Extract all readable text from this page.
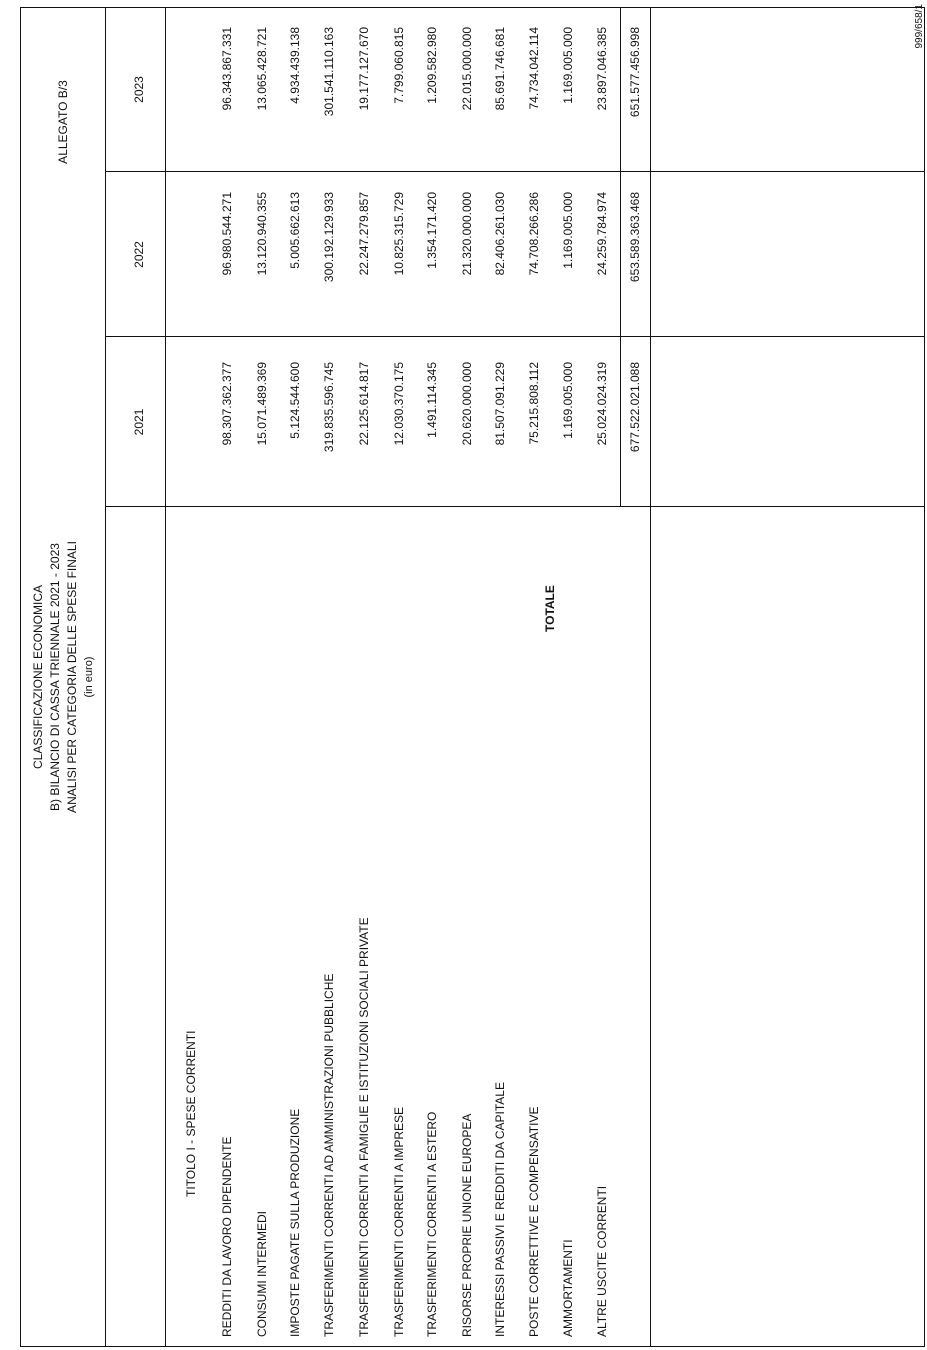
999/658/1
CLASSIFICAZIONE ECONOMICA B) BILANCIO DI CASSA TRIENNALE 2021 - 2023 ANALISI PER CATEGORIA DELLE SPESE FINALI (in euro)
ALLEGATO B/3
2021
2022
2023
TITOLO I - SPESE CORRENTI
REDDITI DA LAVORO DIPENDENTE
98.307.362.377
96.980.544.271
96.343.867.331
CONSUMI INTERMEDI
15.071.489.369
13.120.940.355
13.065.428.721
IMPOSTE PAGATE SULLA PRODUZIONE
5.124.544.600
5.005.662.613
4.934.439.138
TRASFERIMENTI CORRENTI AD AMMINISTRAZIONI PUBBLICHE
319.835.596.745
300.192.129.933
301.541.110.163
TRASFERIMENTI CORRENTI A FAMIGLIE E ISTITUZIONI SOCIALI PRIVATE
22.125.614.817
22.247.279.857
19.177.127.670
TRASFERIMENTI CORRENTI A IMPRESE
12.030.370.175
10.825.315.729
7.799.060.815
TRASFERIMENTI CORRENTI A ESTERO
1.491.114.345
1.354.171.420
1.209.582.980
RISORSE PROPRIE UNIONE EUROPEA
20.620.000.000
21.320.000.000
22.015.000.000
INTERESSI PASSIVI E REDDITI DA CAPITALE
81.507.091.229
82.406.261.030
85.691.746.681
POSTE CORRETTIVE E COMPENSATIVE
75.215.808.112
74.708.266.286
74.734.042.114
AMMORTAMENTI
1.169.005.000
1.169.005.000
1.169.005.000
ALTRE USCITE CORRENTI
25.024.024.319
24.259.784.974
23.897.046.385
TOTALE
677.522.021.088
653.589.363.468
651.577.456.998
